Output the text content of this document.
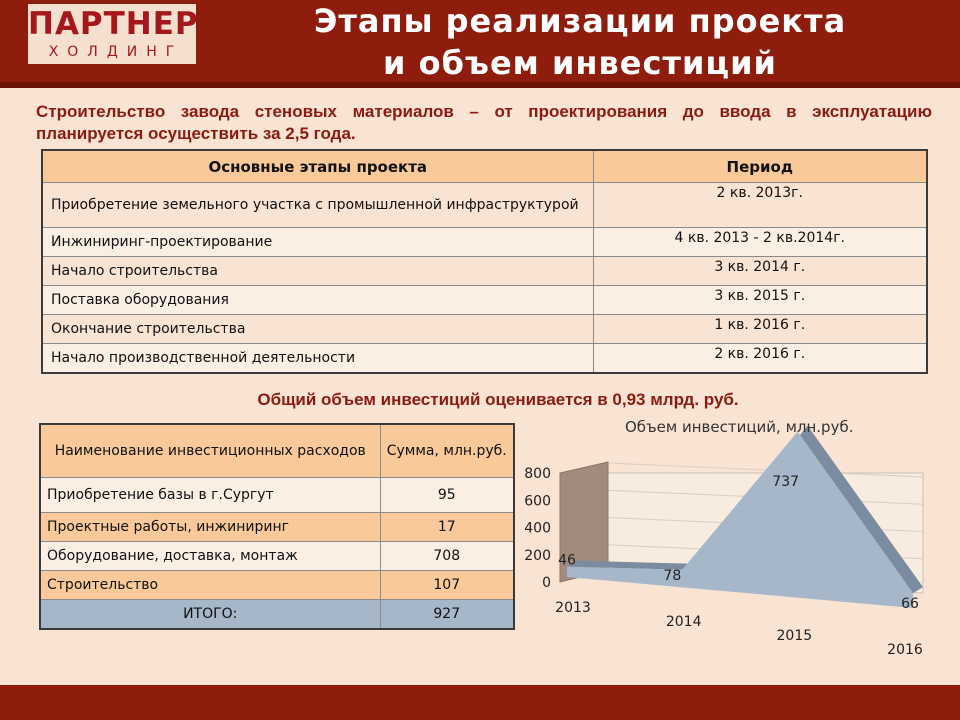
ПАРТНЕР
ХОЛДИНГ
Этапы реализации проекта
и объем инвестиций
Строительство завода стеновых материалов – от проектирования до ввода в эксплуатацию планируется осуществить за 2,5 года.
Основные этапы проекта	Период
Приобретение земельного участка с промышленной инфраструктурой	2 кв. 2013г.
Инжиниринг-проектирование	4 кв. 2013 - 2 кв.2014г.
Начало строительства	3 кв. 2014 г.
Поставка оборудования	3 кв. 2015 г.
Окончание строительства	1 кв. 2016 г.
Начало производственной деятельности	2 кв. 2016 г.
Общий объем инвестиций оценивается в 0,93 млрд. руб.
Наименование инвестиционных расходов	Сумма, млн.руб.
Приобретение базы в г.Сургут	95
Проектные работы, инжиниринг	17
Оборудование, доставка, монтаж	708
Строительство	107
ИТОГО:	927
0
200
400
600
800
46
78
737
66
2013
2014
2015
2016
Объем инвестиций, млн.руб.
